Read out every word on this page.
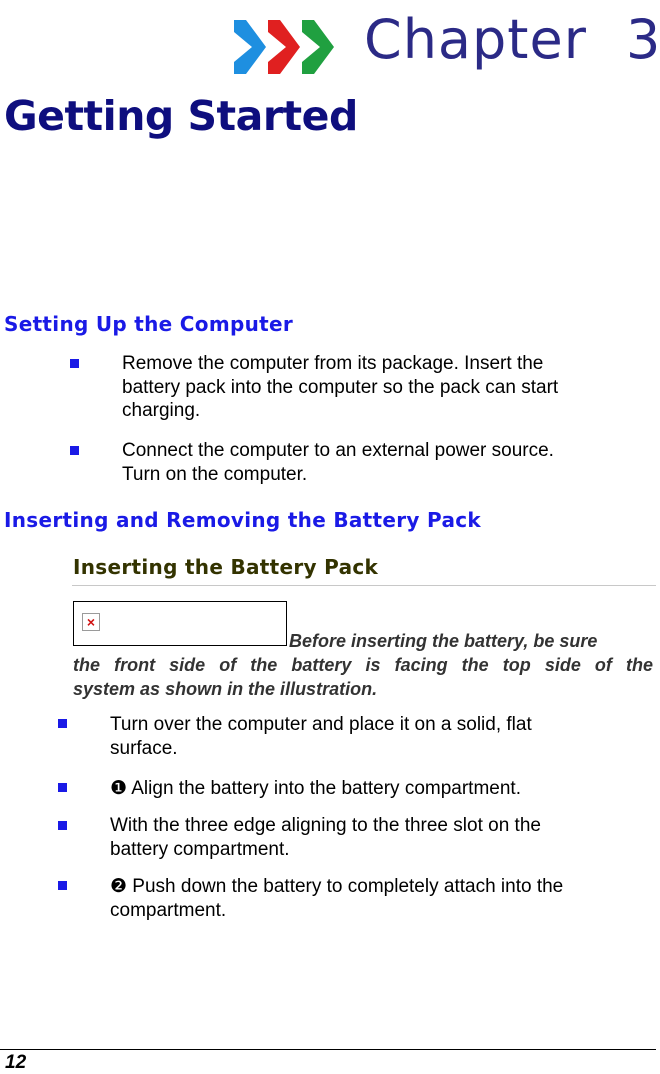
Chapter 3
Getting Started
Setting Up the Computer
Remove the computer from its package. Insert the
battery pack into the computer so the pack can start
charging.
Connect the computer to an external power source.
Turn on the computer.
Inserting and Removing the Battery Pack
Inserting the Battery Pack
×
Before inserting the battery, be sure
the front side of the battery is facing the top side of the
system as shown in the illustration.
Turn over the computer and place it on a solid, flat
surface.
❶ Align the battery into the battery compartment.
With the three edge aligning to the three slot on the
battery compartment.
❷ Push down the battery to completely attach into the
compartment.
12
